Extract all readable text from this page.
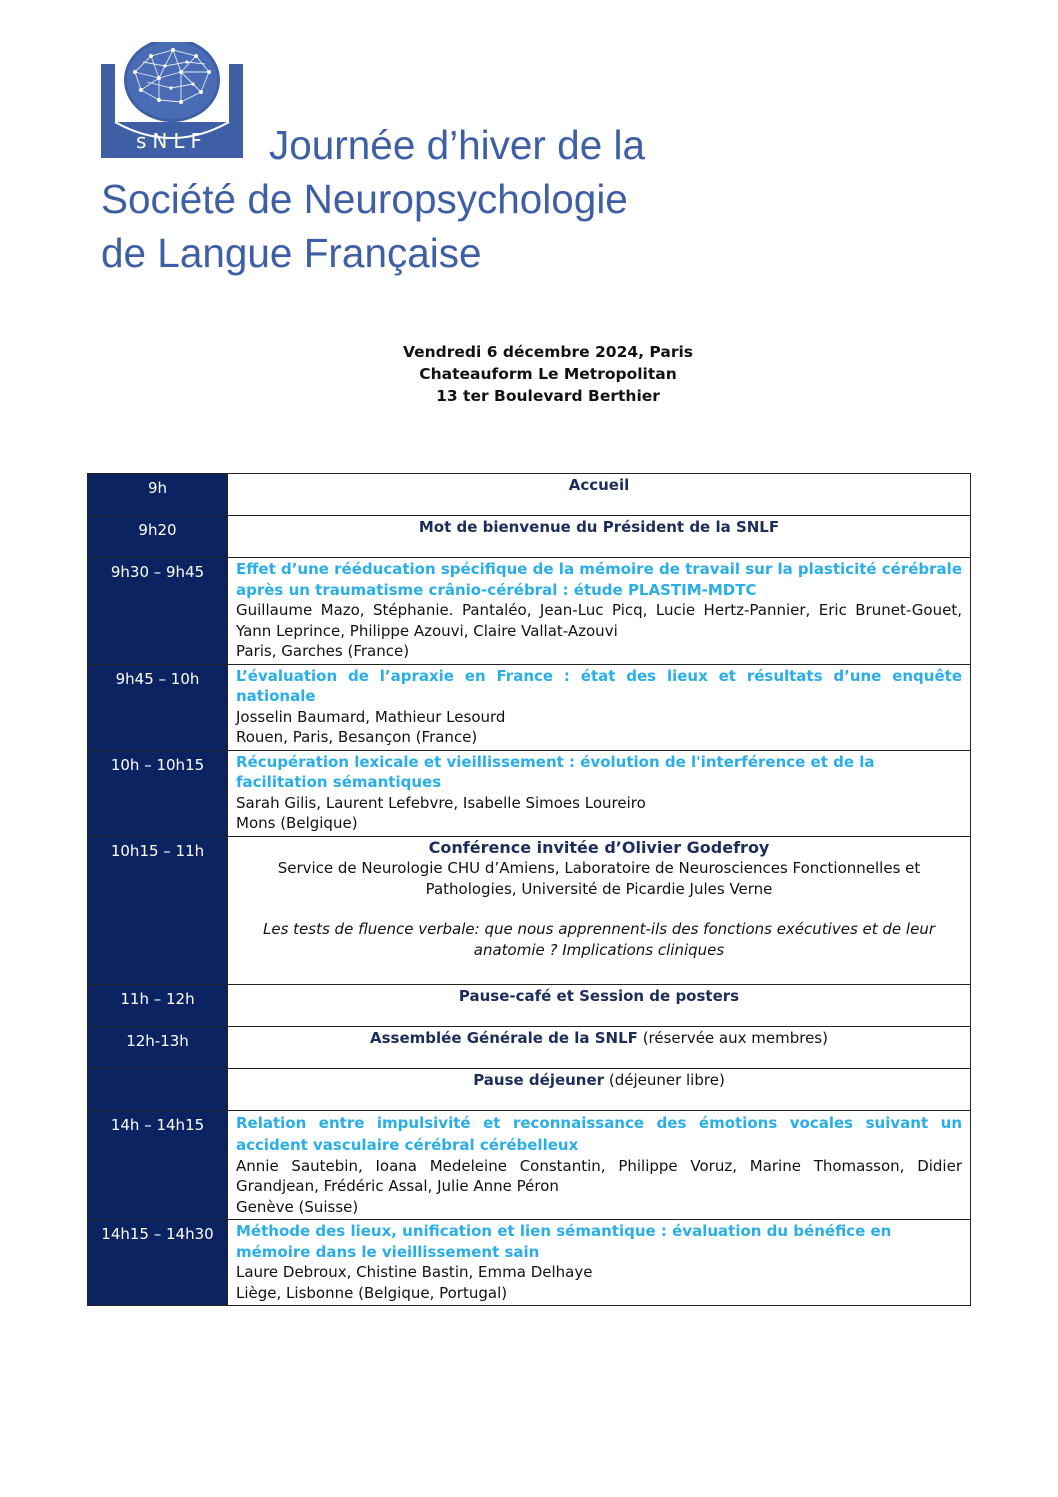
sNLF	Journée d’hiver de la
Société de Neuropsychologie
de Langue Française
Vendredi 6 décembre 2024, Paris
Chateauform Le Metropolitan
13 ter Boulevard Berthier
9h	Accueil

9h20	Mot de bienvenue du Président de la SNLF

9h30 – 9h45	Effet d’une rééducation spécifique de la mémoire de travail sur la plasticité cérébrale après un traumatisme crânio-cérébral : étude PLASTIM-MDTC
Guillaume Mazo, Stéphanie. Pantaléo, Jean-Luc Picq, Lucie Hertz-Pannier, Eric Brunet-Gouet, Yann Leprince, Philippe Azouvi, Claire Vallat-Azouvi
Paris, Garches (France)

9h45 – 10h	L’évaluation de l’apraxie en France : état des lieux et résultats d’une enquête nationale
Josselin Baumard, Mathieur Lesourd
Rouen, Paris, Besançon (France)

10h – 10h15	Récupération lexicale et vieillissement : évolution de l'interférence et de la facilitation sémantiques
Sarah Gilis, Laurent Lefebvre, Isabelle Simoes Loureiro
Mons (Belgique)

10h15 – 11h	Conférence invitée d’Olivier Godefroy
Service de Neurologie CHU d’Amiens, Laboratoire de Neurosciences Fonctionnelles et Pathologies, Université de Picardie Jules Verne
Les tests de fluence verbale: que nous apprennent-ils des fonctions exécutives et de leur anatomie ? Implications cliniques

11h – 12h	Pause-café et Session de posters

12h-13h	Assemblée Générale de la SNLF (réservée aux membres)

	Pause déjeuner (déjeuner libre)

14h – 14h15	Relation entre impulsivité et reconnaissance des émotions vocales suivant un accident vasculaire cérébral cérébelleux
Annie Sautebin, Ioana Medeleine Constantin, Philippe Voruz, Marine Thomasson, Didier Grandjean, Frédéric Assal, Julie Anne Péron
Genève (Suisse)

14h15 – 14h30	Méthode des lieux, unification et lien sémantique : évaluation du bénéfice en mémoire dans le vieillissement sain
Laure Debroux, Chistine Bastin, Emma Delhaye
Liège, Lisbonne (Belgique, Portugal)
